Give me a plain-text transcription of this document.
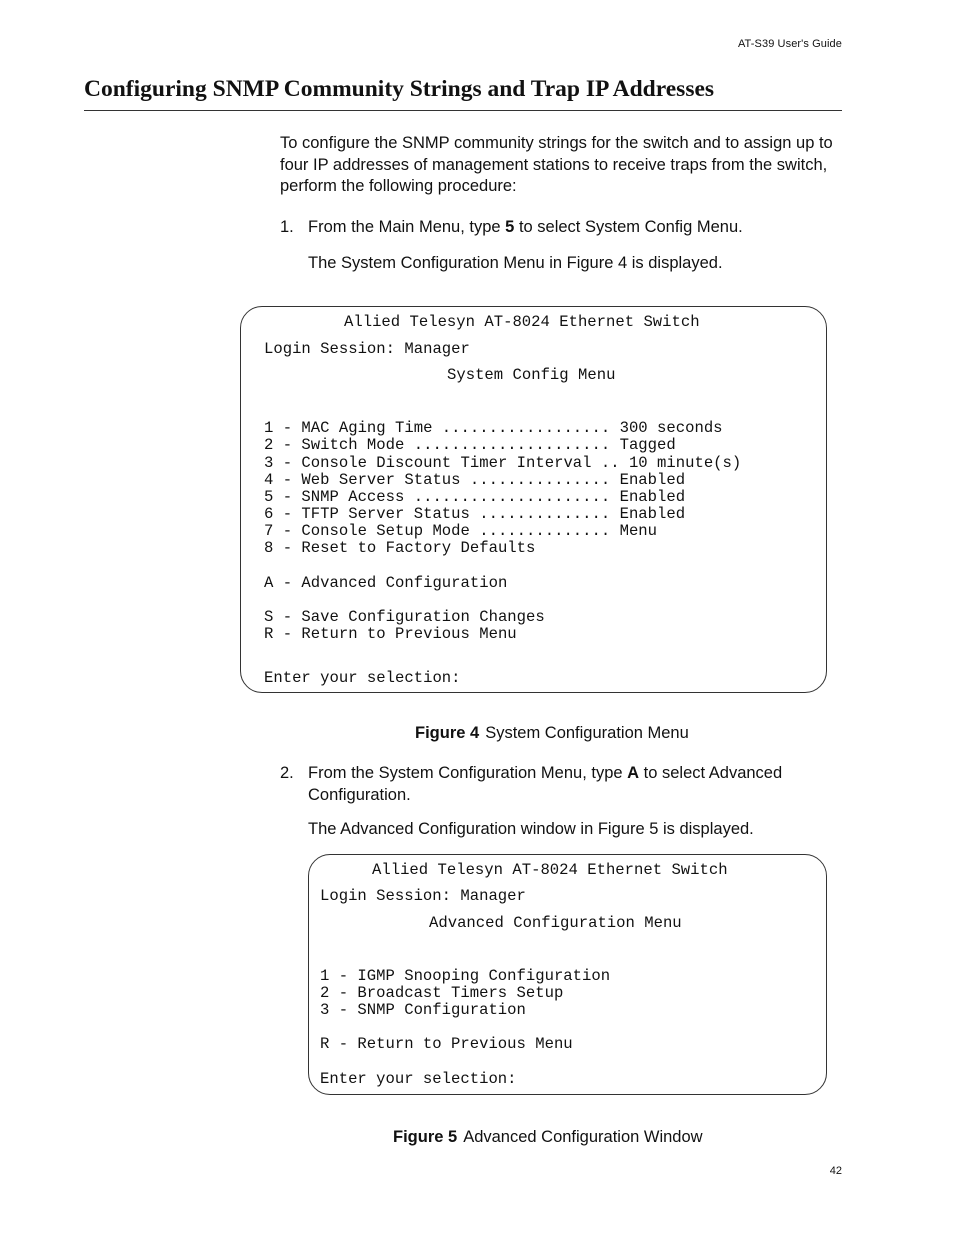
AT-S39 User's Guide
Configuring SNMP Community Strings and Trap IP Addresses
To configure the SNMP community strings for the switch and to assign up to four IP addresses of management stations to receive traps from the switch, perform the following procedure:
1. From the Main Menu, type 5 to select System Config Menu.
The System Configuration Menu in Figure 4 is displayed.
Allied Telesyn AT-8024 Ethernet Switch
Login Session: Manager
System Config Menu
1 - MAC Aging Time .................. 300 seconds
2 - Switch Mode ..................... Tagged
3 - Console Discount Timer Interval .. 10 minute(s)
4 - Web Server Status ............... Enabled
5 - SNMP Access ..................... Enabled
6 - TFTP Server Status .............. Enabled
7 - Console Setup Mode .............. Menu
8 - Reset to Factory Defaults
A - Advanced Configuration
S - Save Configuration Changes
R - Return to Previous Menu
Enter your selection:
Figure 4 System Configuration Menu
2. From the System Configuration Menu, type A to select Advanced Configuration.
The Advanced Configuration window in Figure 5 is displayed.
Allied Telesyn AT-8024 Ethernet Switch
Login Session: Manager
Advanced Configuration Menu
1 - IGMP Snooping Configuration
2 - Broadcast Timers Setup
3 - SNMP Configuration
R - Return to Previous Menu
Enter your selection:
Figure 5 Advanced Configuration Window
42
